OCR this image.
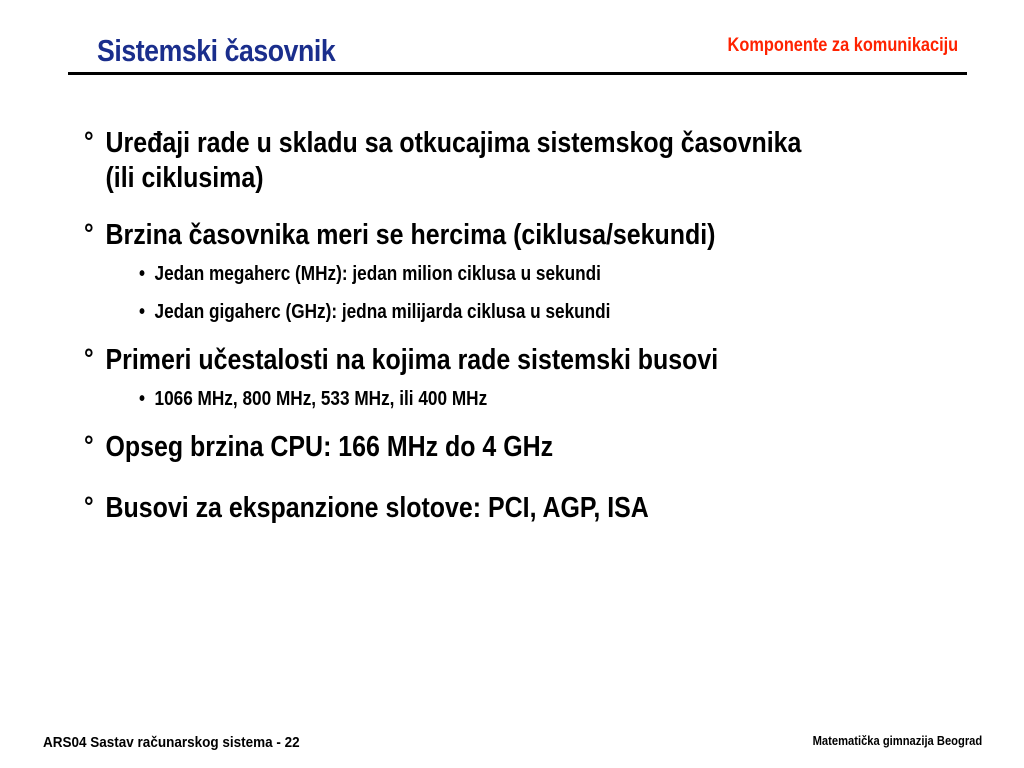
Sistemski časovnik	Komponente za komunikaciju
° Uređaji rade u skladu sa otkucajima sistemskog časovnika (ili ciklusima)
° Brzina časovnika meri se hercima (ciklusa/sekundi)
• Jedan megaherc (MHz): jedan milion ciklusa u sekundi
• Jedan gigaherc (GHz): jedna milijarda ciklusa u sekundi
° Primeri učestalosti na kojima rade sistemski busovi
• 1066 MHz, 800 MHz, 533 MHz, ili 400 MHz
° Opseg brzina CPU: 166 MHz do 4 GHz
° Busovi za ekspanzione slotove: PCI, AGP, ISA
ARS04 Sastav računarskog sistema - 22	Matematička gimnazija Beograd
